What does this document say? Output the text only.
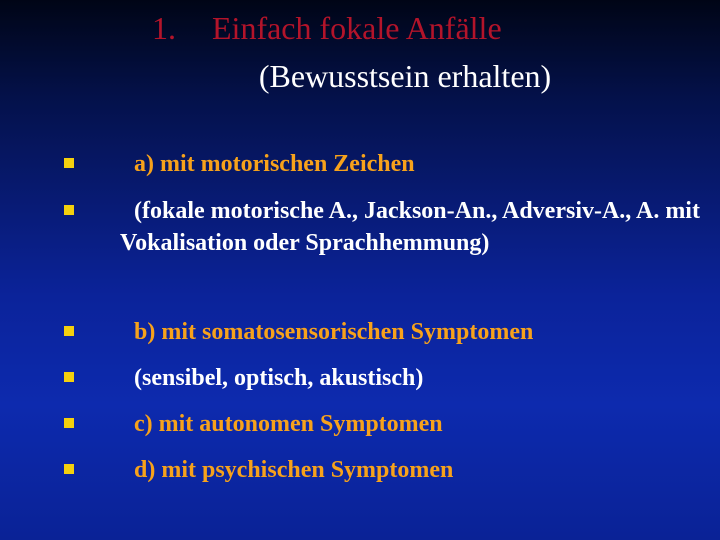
1. Einfach fokale Anfälle
(Bewusstsein erhalten)
a) mit motorischen Zeichen
(fokale motorische A., Jackson-An., Adversiv-A., A. mit Vokalisation oder Sprachhemmung)
b) mit somatosensorischen Symptomen
(sensibel, optisch, akustisch)
c) mit autonomen Symptomen
d) mit psychischen Symptomen
